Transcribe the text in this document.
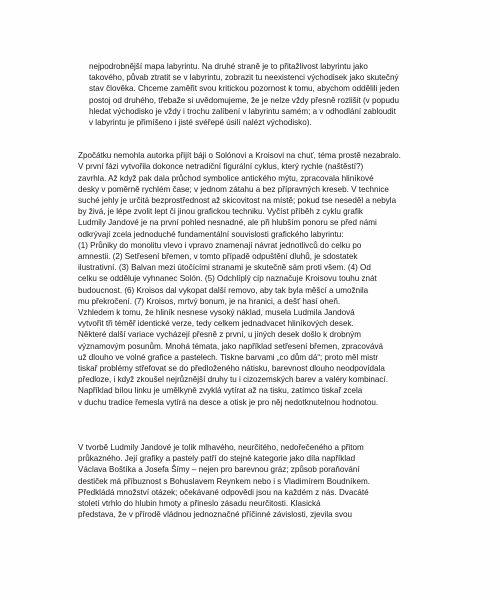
nejpodrobnější mapa labyrintu. Na druhé straně je to přitažlivost labyrintu jako
takového, půvab ztratit se v labyrintu, zobrazit tu neexistenci východisek jako skutečný
stav člověka. Chceme zaměřit svou kritickou pozornost k tomu, abychom oddělili jeden
postoj od druhého, třebaže si uvědomujeme, že je nelze vždy přesně rozlišit (v popudu
hledat východisko je vždy i trochu zalíbení v labyrintu samém; a v odhodlání zabloudit
v labyrintu je přimíšeno i jisté svéřepé úsilí nalézt východisko).
Zpočátku nemohla autorka přijít báji o Solónovi a Kroisovi na chuť, téma prostě nezabralo.
V první fázi vytvořila dokonce netradiční figurální cyklus, který rychle (naštěstí?)
zavrhla. Až když pak dala průchod symbolice antického mýtu, zpracovala hliníkové
desky v poměrně rychlém čase; v jednom zátahu a bez přípravných kreseb. V technice
suché jehly je určitá bezprostřednost až skicovitost na místě; pokud tse neseděl a nebyla
by živá, je lépe zvolit lept či jinou grafickou techniku. Vyčíst příběh z cyklu grafik
Ludmily Jandové je na první pohled nesnadné, ale při hlubším ponoru se před námi
odkrývají zcela jednoduché fundamentální souvislosti grafického labyrintu:
(1) Průniky do monolitu vlevo i vpravo znamenají návrat jednotlivců do celku po
amnestii. (2) Setřesení břemen, v tomto případě odpuštění dluhů, je sdostatek
ilustrativní. (3) Balvan mezi útočícími stranami je skutečně sám proti všem. (4) Od
celku se odděluje vyhnanec Solón. (5) Odchlíplý cíp naznačuje Kroisovu touhu znát
budoucnost. (6) Kroisos dal vykopat další removo, aby tak byla měšcí a umožnila
mu překročení. (7) Kroisos, mrtvý bonum, je na hranici, a dešť hasí oheň.
Vzhledem k tomu, že hliník nesnese vysoký náklad, musela Ludmila Jandová
vytvořit tři téměř identické verze, tedy celkem jednadvacet hliníkových desek.
Některé další variace vycházejí přesně z první, u jiných desek došlo k drobným
významovým posunům. Mnohá témata, jako například setřesení břemen, zpracovává
už dlouho ve volné grafice a pastelech. Tiskne barvami „co dům dá“; proto měl mistr
tiskař problémy střefovat se do předloženého nátisku, barevnost dlouho neodpovídala
předloze, i když zkoušel nejrůznější druhy tu i cizozemských barev a valéry kombinací.
Například bílou linku je umělkyně zvyklá vytírat až na tisku, zatímco tiskař zcela
v duchu tradice řemesla vytírá na desce a otisk je pro něj nedotknutelnou hodnotou.
V tvorbě Ludmily Jandové je tolik mlhavého, neurčitého, nedořečeného a přitom
průkazného. Její grafiky a pastely patří do stejné kategorie jako díla například
Václava Boštíka a Josefa Šímy – nejen pro barevnou gráz; způsob poraňování
destiček má příbuznost s Bohuslavem Reynkem nebo i s Vladimírem Boudníkem.
Předkládá množství otázek; očekávané odpovědi jsou na každém z nás. Dvacáté
století vtrhlo do hlubin hmoty a přineslo zásadu neurčitosti. Klasická
představa, že v přírodě vládnou jednoznačné příčinné závislosti, zjevila svou
